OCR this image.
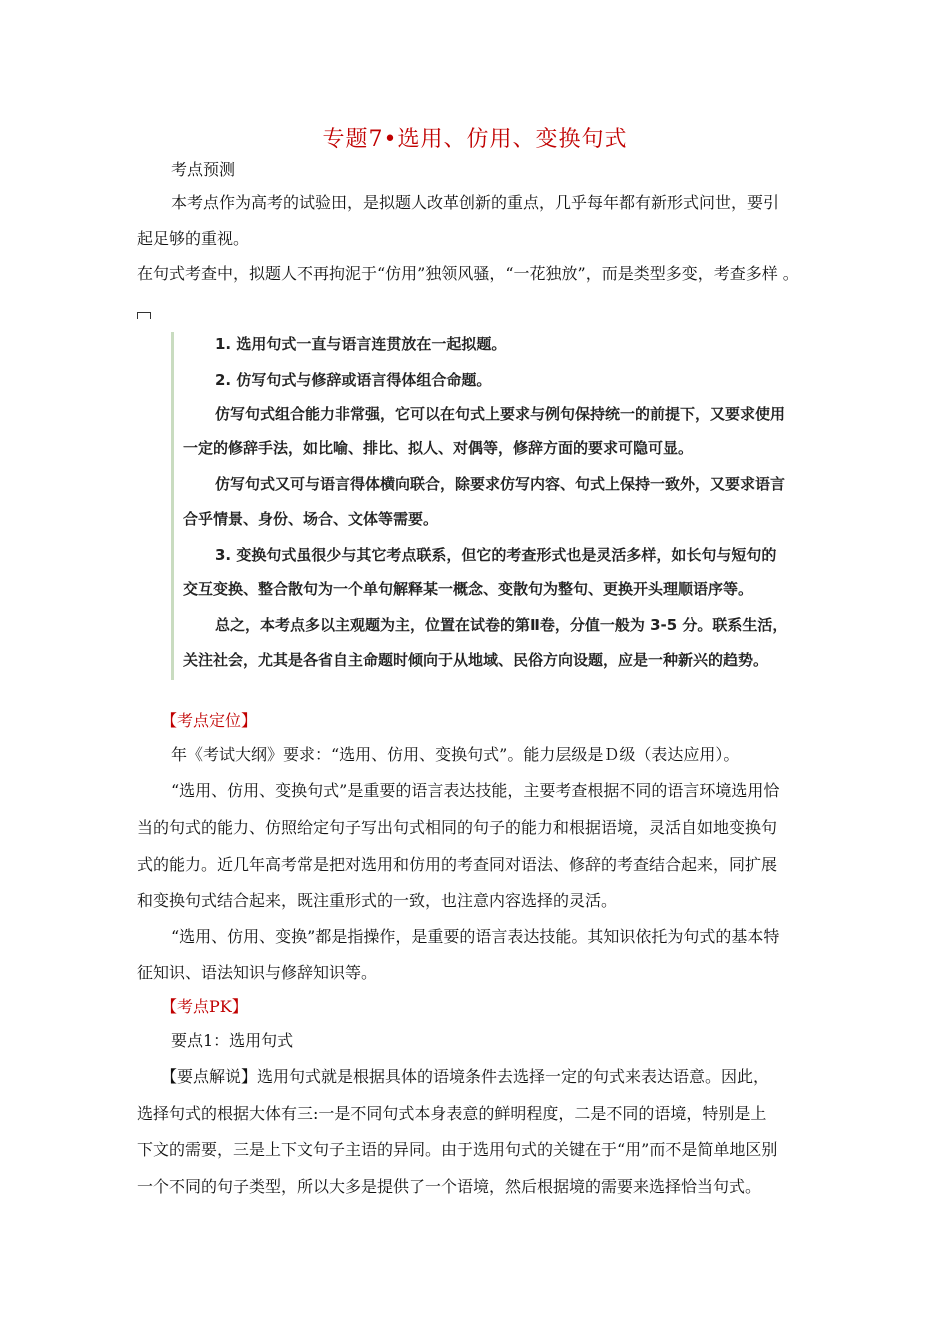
专题7•选用、仿用、变换句式
考点预测
本考点作为高考的试验田，是拟题人改革创新的重点，几乎每年都有新形式问世，要引
起足够的重视。
在句式考查中，拟题人不再拘泥于“仿用”独领风骚，“一花独放”，而是类型多变，考查多样 。
1. 选用句式一直与语言连贯放在一起拟题。
2. 仿写句式与修辞或语言得体组合命题。
仿写句式组合能力非常强，它可以在句式上要求与例句保持统一的前提下，又要求使用
一定的修辞手法，如比喻、排比、拟人、对偶等，修辞方面的要求可隐可显。
仿写句式又可与语言得体横向联合，除要求仿写内容、句式上保持一致外，又要求语言
合乎情景、身份、场合、文体等需要。
3. 变换句式虽很少与其它考点联系，但它的考查形式也是灵活多样，如长句与短句的
交互变换、整合散句为一个单句解释某一概念、变散句为整句、更换开头理顺语序等。
总之，本考点多以主观题为主，位置在试卷的第Ⅱ卷，分值一般为 3-5 分。联系生活，
关注社会，尤其是各省自主命题时倾向于从地域、民俗方向设题，应是一种新兴的趋势。
【考点定位】
年《考试大纲》要求：“选用、仿用、变换句式”。能力层级是Ｄ级（表达应用）。
“选用、仿用、变换句式”是重要的语言表达技能，主要考查根据不同的语言环境选用恰
当的句式的能力、仿照给定句子写出句式相同的句子的能力和根据语境，灵活自如地变换句
式的能力。近几年高考常是把对选用和仿用的考查同对语法、修辞的考查结合起来，同扩展
和变换句式结合起来，既注重形式的一致，也注意内容选择的灵活。
“选用、仿用、变换”都是指操作，是重要的语言表达技能。其知识依托为句式的基本特
征知识、语法知识与修辞知识等。
【考点PK】
要点1：选用句式
【要点解说】选用句式就是根据具体的语境条件去选择一定的句式来表达语意。因此，
选择句式的根据大体有三:一是不同句式本身表意的鲜明程度，二是不同的语境，特别是上
下文的需要，三是上下文句子主语的异同。由于选用句式的关键在于“用”而不是简单地区别
一个不同的句子类型，所以大多是提供了一个语境，然后根据境的需要来选择恰当句式。
